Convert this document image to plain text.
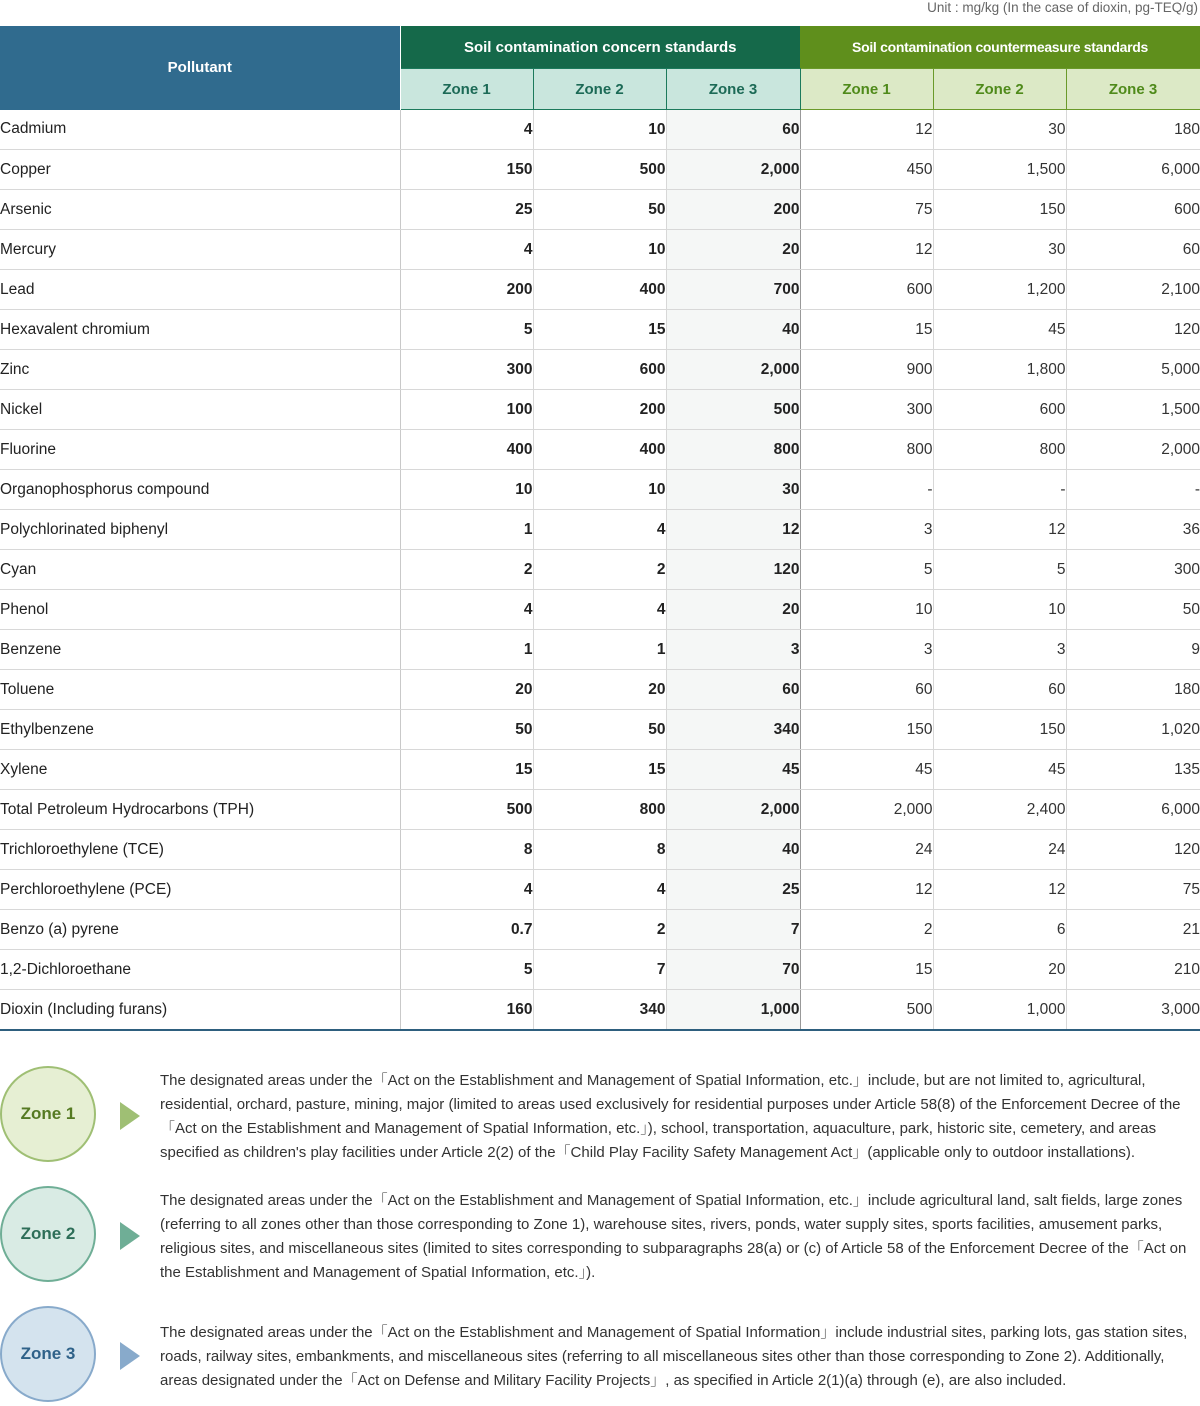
Unit : mg/kg (In the case of dioxin, pg-TEQ/g)
Pollutant	Soil contamination concern standards			Soil contamination countermeasure standards		
	Zone 1	Zone 2	Zone 3	Zone 1	Zone 2	Zone 3
Cadmium	4	10	60	12	30	180
Copper	150	500	2,000	450	1,500	6,000
Arsenic	25	50	200	75	150	600
Mercury	4	10	20	12	30	60
Lead	200	400	700	600	1,200	2,100
Hexavalent chromium	5	15	40	15	45	120
Zinc	300	600	2,000	900	1,800	5,000
Nickel	100	200	500	300	600	1,500
Fluorine	400	400	800	800	800	2,000
Organophosphorus compound	10	10	30	-	-	-
Polychlorinated biphenyl	1	4	12	3	12	36
Cyan	2	2	120	5	5	300
Phenol	4	4	20	10	10	50
Benzene	1	1	3	3	3	9
Toluene	20	20	60	60	60	180
Ethylbenzene	50	50	340	150	150	1,020
Xylene	15	15	45	45	45	135
Total Petroleum Hydrocarbons (TPH)	500	800	2,000	2,000	2,400	6,000
Trichloroethylene (TCE)	8	8	40	24	24	120
Perchloroethylene (PCE)	4	4	25	12	12	75
Benzo (a) pyrene	0.7	2	7	2	6	21
1,2-Dichloroethane	5	7	70	15	20	210
Dioxin (Including furans)	160	340	1,000	500	1,000	3,000
Zone 1
The designated areas under the「Act on the Establishment and Management of Spatial Information, etc.」include, but are not limited to, agricultural, residential, orchard, pasture, mining, major (limited to areas used exclusively for residential purposes under Article 58(8) of the Enforcement Decree of the「Act on the Establishment and Management of Spatial Information, etc.」), school, transportation, aquaculture, park, historic site, cemetery, and areas specified as children's play facilities under Article 2(2) of the「Child Play Facility Safety Management Act」(applicable only to outdoor installations).
Zone 2
The designated areas under the「Act on the Establishment and Management of Spatial Information, etc.」include agricultural land, salt fields, large zones (referring to all zones other than those corresponding to Zone 1), warehouse sites, rivers, ponds, water supply sites, sports facilities, amusement parks, religious sites, and miscellaneous sites (limited to sites corresponding to subparagraphs 28(a) or (c) of Article 58 of the Enforcement Decree of the「Act on the Establishment and Management of Spatial Information, etc.」).
Zone 3
The designated areas under the「Act on the Establishment and Management of Spatial Information」include industrial sites, parking lots, gas station sites, roads, railway sites, embankments, and miscellaneous sites (referring to all miscellaneous sites other than those corresponding to Zone 2). Additionally, areas designated under the「Act on Defense and Military Facility Projects」, as specified in Article 2(1)(a) through (e), are also included.
